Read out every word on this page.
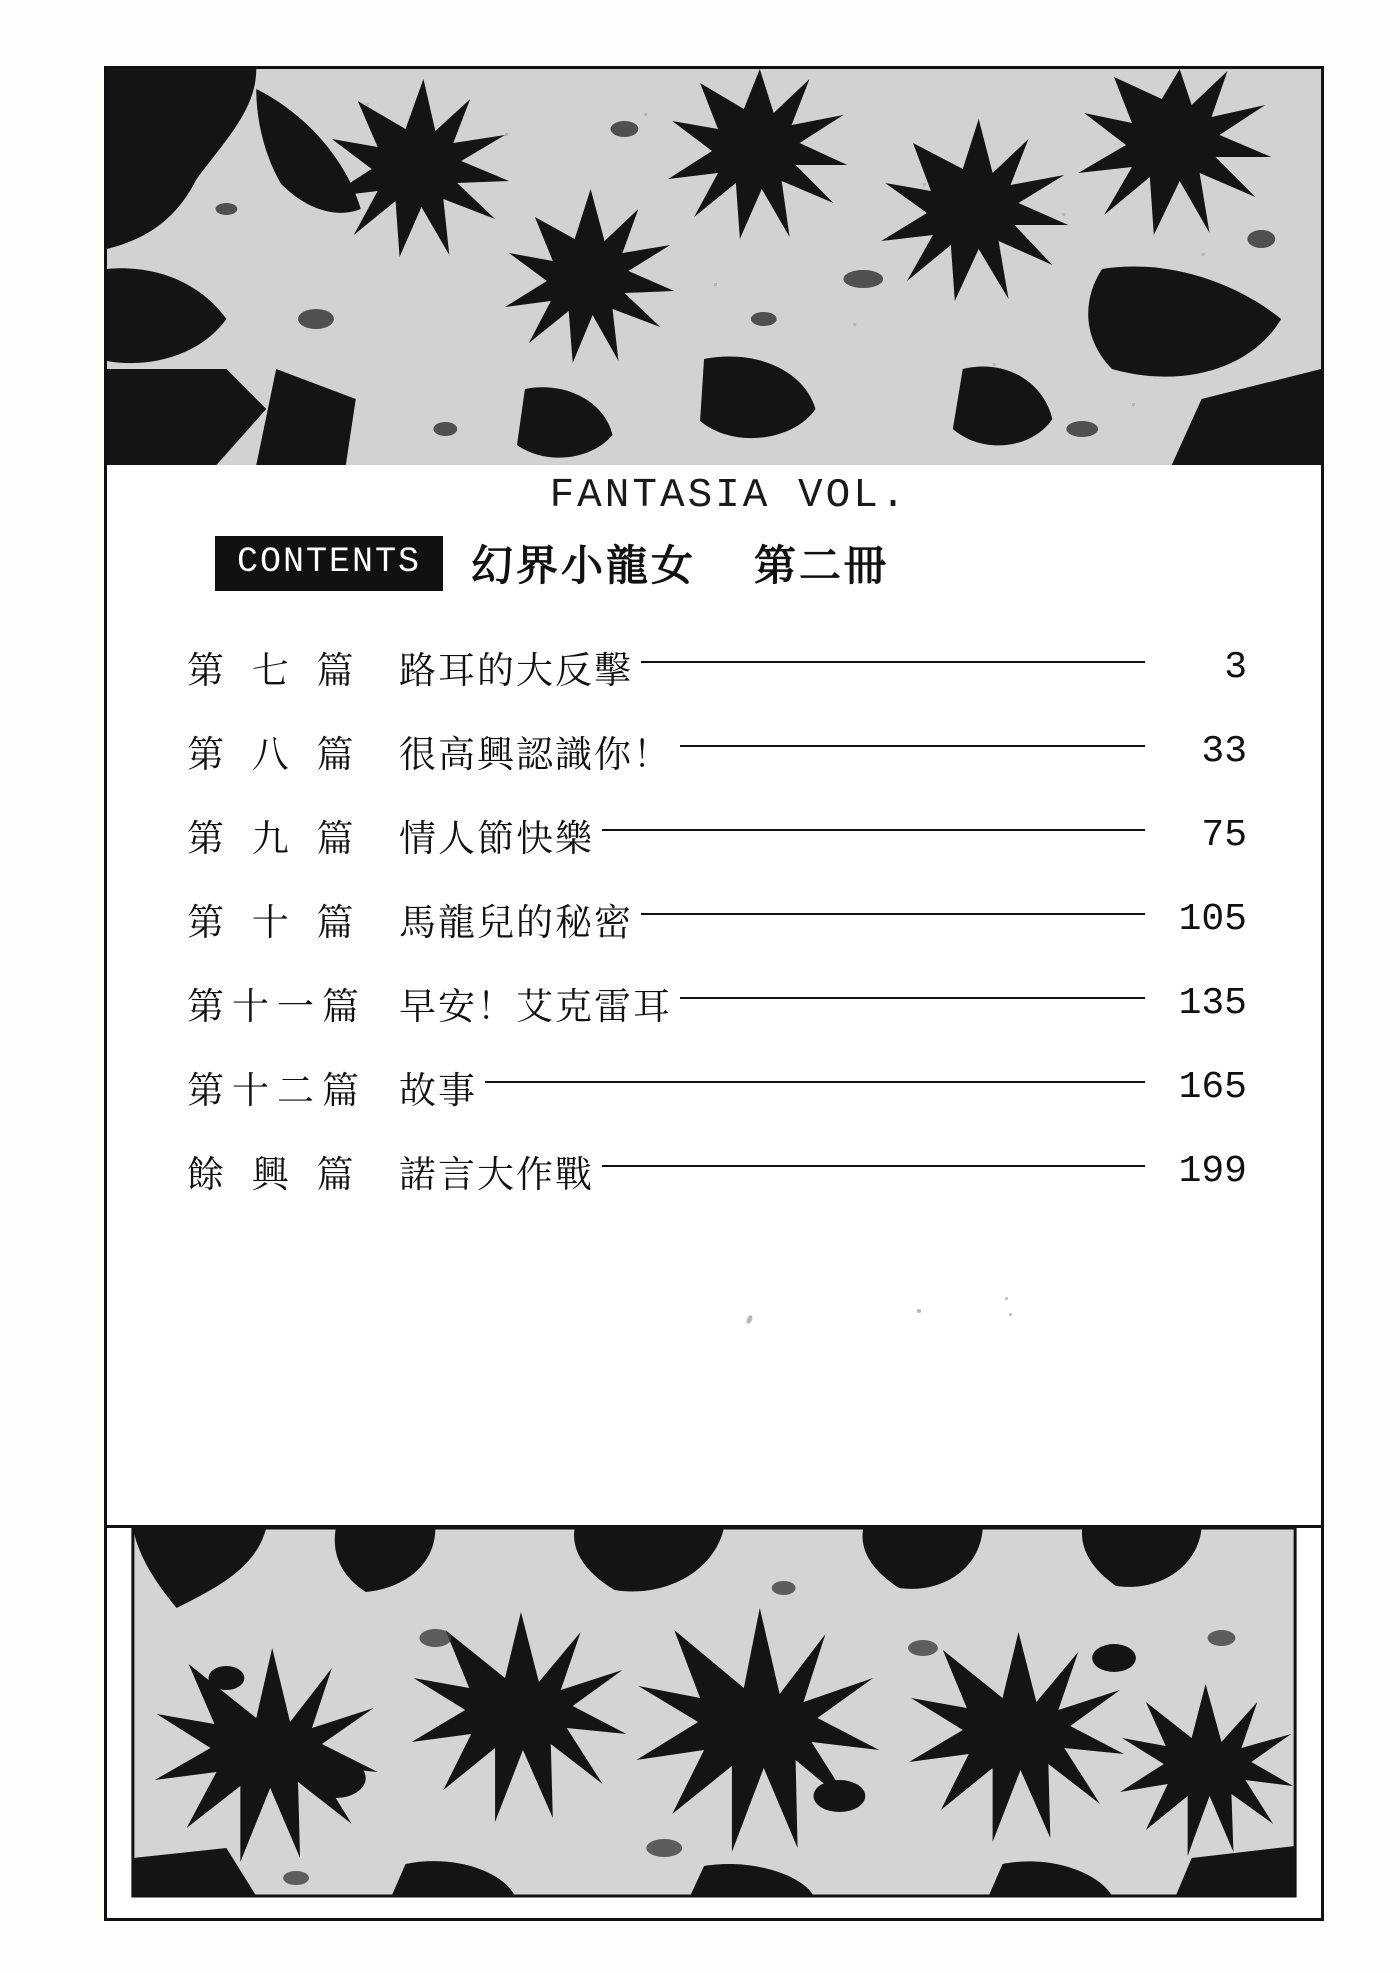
FANTASIA VOL.
CONTENTS	幻界小龍女 第二冊
第 七 篇	路耳的大反擊	3
第 八 篇	很高興認識你！	33
第 九 篇	情人節快樂	75
第 十 篇	馬龍兒的秘密	105
第十一篇 早安！艾克雷耳	135
第十二篇 故事	165
餘 興 篇	諾言大作戰	199
